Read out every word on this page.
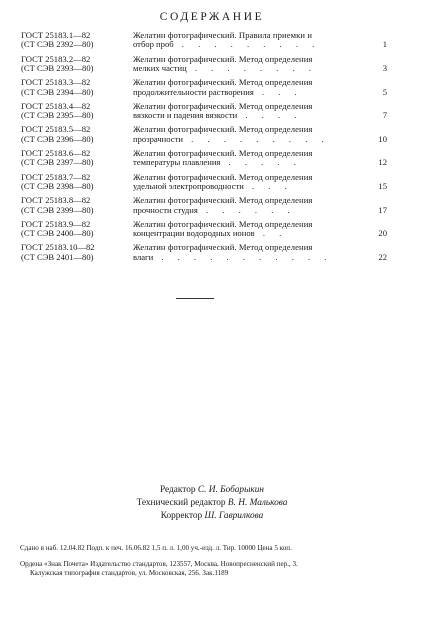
СОДЕРЖАНИЕ
ГОСТ 25183.1—82
(СТ СЭВ 2392—80)
Желатин фотографический. Правила приемки и
отбор проб . . . . . . . . .	1
ГОСТ 25183.2—82
(СТ СЭВ 2393—80)
Желатин фотографический. Метод определения
мелких частиц . . . . . . . .	3
ГОСТ 25183.3—82
(СТ СЭВ 2394—80)
Желатин фотографический. Метод определения
продолжительности растворения . . .	5
ГОСТ 25183.4—82
(СТ СЭВ 2395—80)
Желатин фотографический. Метод определения
вязкости и падения вязкости . . . .	7
ГОСТ 25183.5—82
(СТ СЭВ 2396—80)
Желатин фотографический. Метод определения
прозрачности . . . . . . . . .	10
ГОСТ 25183.6—82
(СТ СЭВ 2397—80)
Желатин фотографический. Метод определения
температуры плавления . . . . .	12
ГОСТ 25183.7—82
(СТ СЭВ 2398—80)
Желатин фотографический. Метод определения
удельной электропроводности . . .	15
ГОСТ 25183.8—82
(СТ СЭВ 2399—80)
Желатин фотографический. Метод определения
прочности студня . . . . . .	17
ГОСТ 25183.9—82
(СТ СЭВ 2400—80)
Желатин фотографический. Метод определения
концентрации водородных ионов . .	20
ГОСТ 25183.10—82
(СТ СЭВ 2401—80)
Желатин фотографический. Метод определения
влаги . . . . . . . . . . .	22
Редактор С. И. Бобарыкин
Технический редактор В. Н. Малькова
Корректор Ш. Гаврилкова
Сдано в наб. 12.04.82 Подп. к печ. 16.06.82 1,5 п. л. 1,00 уч.-изд. л. Тир. 10000 Цена 5 коп.
Ордена «Знак Почета» Издательство стандартов, 123557, Москва, Новопресненский пер., 3.
Калужская типография стандартов, ул. Московская, 256. Зак.1189
